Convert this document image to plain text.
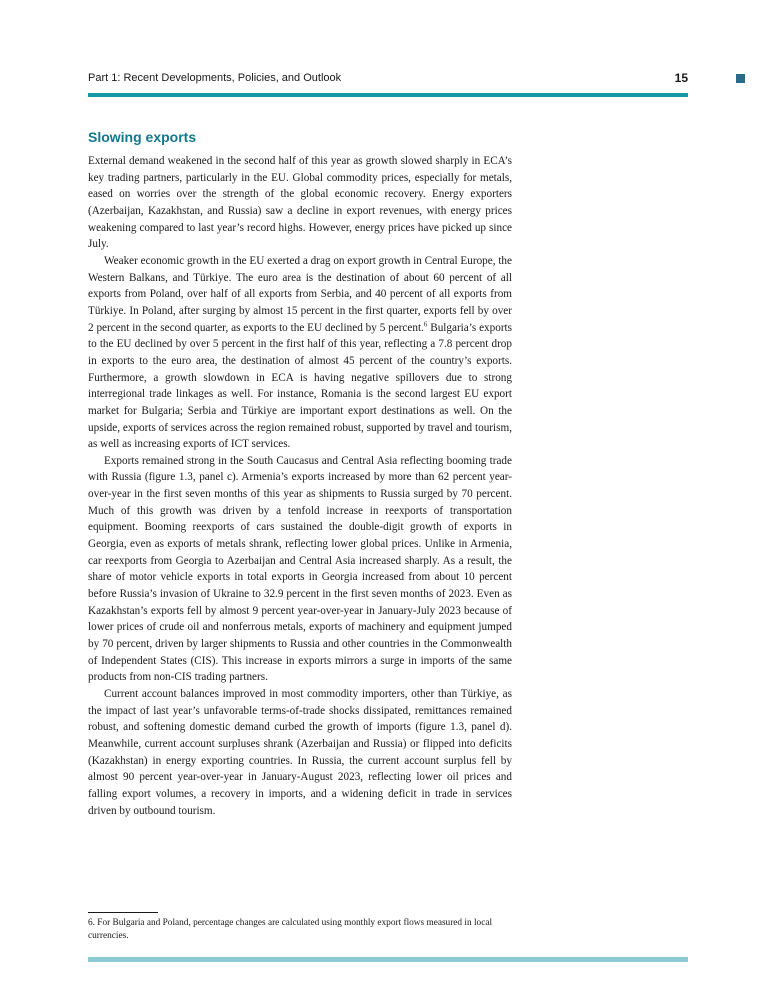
Part 1: Recent Developments, Policies, and Outlook	15
Slowing exports

External demand weakened in the second half of this year as growth slowed sharply in ECA’s key trading partners, particularly in the EU. Global commodity prices, especially for metals, eased on worries over the strength of the global economic recovery. Energy exporters (Azerbaijan, Kazakhstan, and Russia) saw a decline in export revenues, with energy prices weakening compared to last year’s record highs. However, energy prices have picked up since July.

Weaker economic growth in the EU exerted a drag on export growth in Central Europe, the Western Balkans, and Türkiye. The euro area is the destination of about 60 percent of all exports from Poland, over half of all exports from Serbia, and 40 percent of all exports from Türkiye. In Poland, after surging by almost 15 percent in the first quarter, exports fell by over 2 percent in the second quarter, as exports to the EU declined by 5 percent.$^6$ Bulgaria’s exports to the EU declined by over 5 percent in the first half of this year, reflecting a 7.8 percent drop in exports to the euro area, the destination of almost 45 percent of the country’s exports. Furthermore, a growth slowdown in ECA is having negative spillovers due to strong interregional trade linkages as well. For instance, Romania is the second largest EU export market for Bulgaria; Serbia and Türkiye are important export destinations as well. On the upside, exports of services across the region remained robust, supported by travel and tourism, as well as increasing exports of ICT services.

Exports remained strong in the South Caucasus and Central Asia reflecting booming trade with Russia (figure 1.3, panel c). Armenia’s exports increased by more than 62 percent year-over-year in the first seven months of this year as shipments to Russia surged by 70 percent. Much of this growth was driven by a tenfold increase in reexports of transportation equipment. Booming reexports of cars sustained the double-digit growth of exports in Georgia, even as exports of metals shrank, reflecting lower global prices. Unlike in Armenia, car reexports from Georgia to Azerbaijan and Central Asia increased sharply. As a result, the share of motor vehicle exports in total exports in Georgia increased from about 10 percent before Russia’s invasion of Ukraine to 32.9 percent in the first seven months of 2023. Even as Kazakhstan’s exports fell by almost 9 percent year-over-year in January-July 2023 because of lower prices of crude oil and nonferrous metals, exports of machinery and equipment jumped by 70 percent, driven by larger shipments to Russia and other countries in the Commonwealth of Independent States (CIS). This increase in exports mirrors a surge in imports of the same products from non-CIS trading partners.

Current account balances improved in most commodity importers, other than Türkiye, as the impact of last year’s unfavorable terms-of-trade shocks dissipated, remittances remained robust, and softening domestic demand curbed the growth of imports (figure 1.3, panel d). Meanwhile, current account surpluses shrank (Azerbaijan and Russia) or flipped into deficits (Kazakhstan) in energy exporting countries. In Russia, the current account surplus fell by almost 90 percent year-over-year in January-August 2023, reflecting lower oil prices and falling export volumes, a recovery in imports, and a widening deficit in trade in services driven by outbound tourism.

6. For Bulgaria and Poland, percentage changes are calculated using monthly export flows measured in local currencies.
